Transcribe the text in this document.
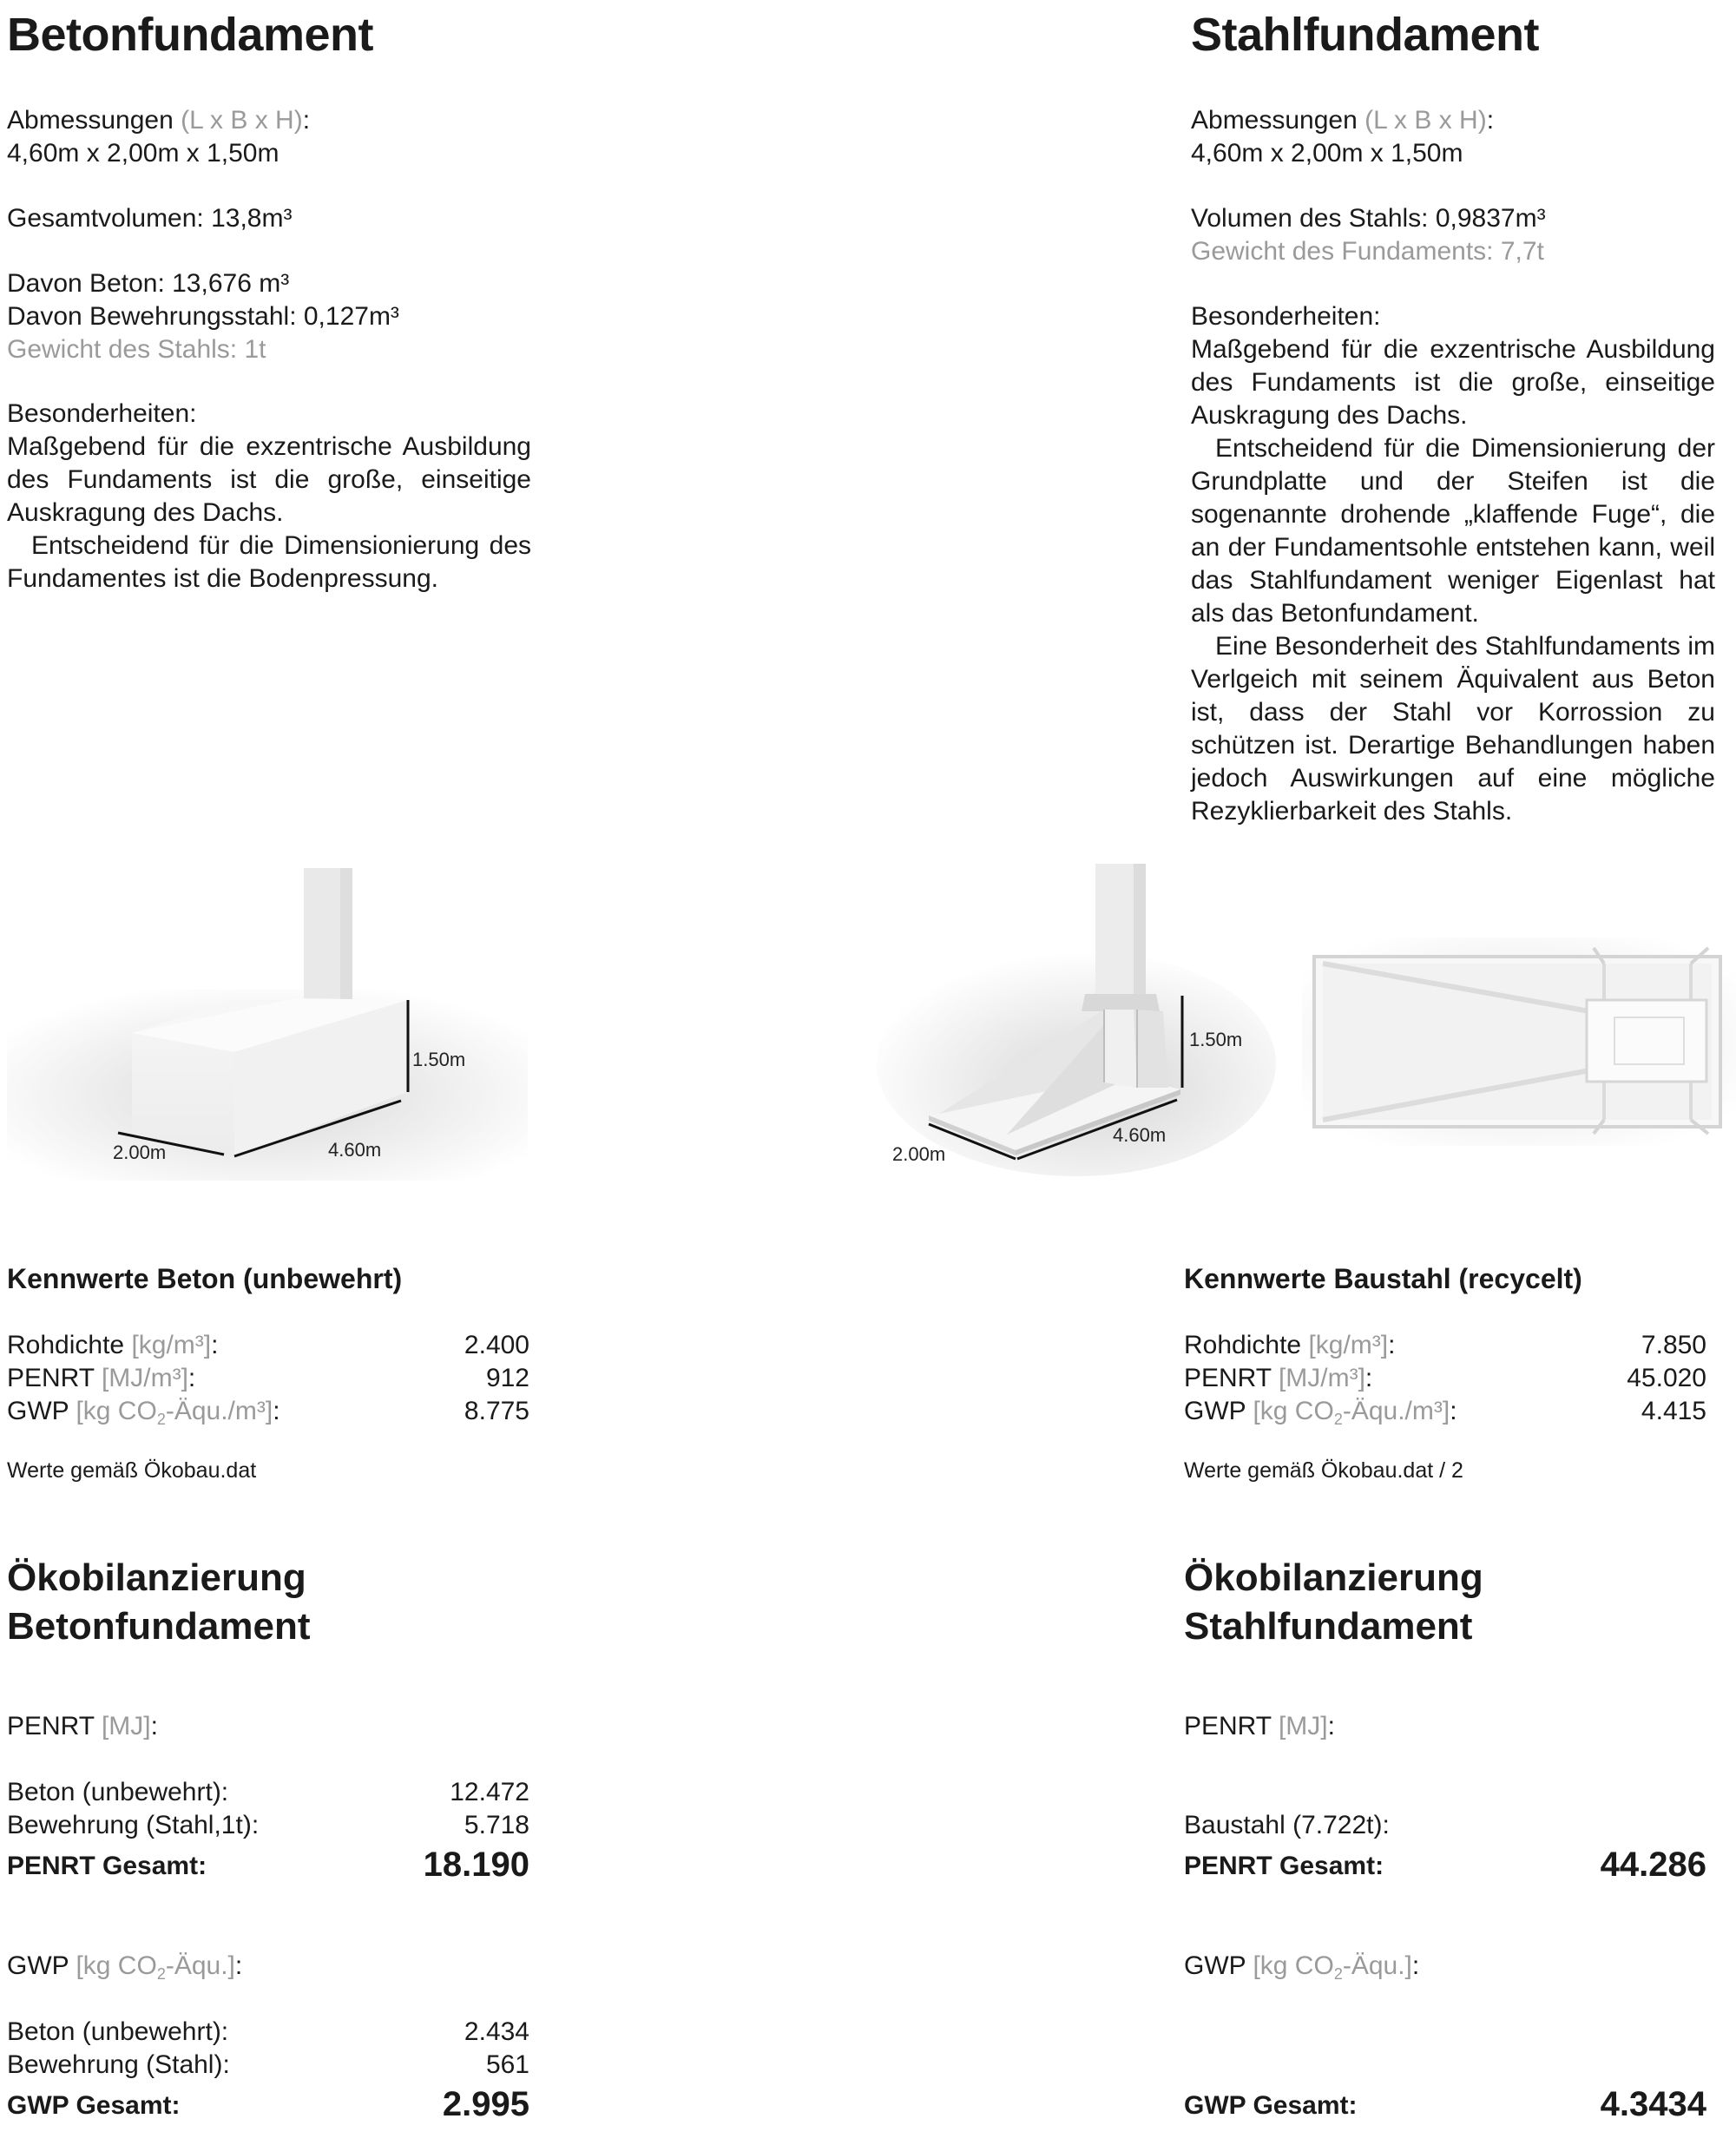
Betonfundament
Abmessungen (L x B x H):
4,60m x 2,00m x 1,50m
Gesamtvolumen: 13,8m³
Davon Beton: 13,676 m³
Davon Bewehrungsstahl: 0,127m³
Gewicht des Stahls: 1t
Besonderheiten:
Maßgebend für die exzentrische Ausbildung des Fundaments ist die große, einseitige Auskragung des Dachs.
Entscheidend für die Dimensionierung des Fundamentes ist die Bodenpressung.
1.50m
2.00m	4.60m
Kennwerte Beton (unbewehrt)
Rohdichte [kg/m³]:	2.400
PENRT [MJ/m³]:	912
GWP [kg $CO_2-Äqu./m^3$]:	8.775
Werte gemäß Ökobau.dat
Ökobilanzierung
Betonfundament
PENRT [MJ]:
Beton (unbewehrt):	12.472
Bewehrung (Stahl,1t):	5.718
PENRT Gesamt:	18.190
GWP [kg $CO_2-Äqu$.]:
Beton (unbewehrt):	2.434
Bewehrung (Stahl):	561
GWP Gesamt:	2.995
Stahlfundament
Abmessungen (L x B x H):
4,60m x 2,00m x 1,50m
Volumen des Stahls: 0,9837m³
Gewicht des Fundaments: 7,7t
Besonderheiten:
Maßgebend für die exzentrische Ausbildung des Fundaments ist die große, einseitige Auskragung des Dachs.
Entscheidend für die Dimensionierung der Grundplatte und der Steifen ist die sogenannte drohende „klaffende Fuge“, die an der Fundamentsohle entstehen kann, weil das Stahlfundament weniger Eigenlast hat als das Betonfundament.
Eine Besonderheit des Stahlfundaments im Verlgeich mit seinem Äquivalent aus Beton ist, dass der Stahl vor Korrossion zu schützen ist. Derartige Behandlungen haben jedoch Auswirkungen auf eine mögliche Rezyklierbarkeit des Stahls.
1.50m
2.00m
4.60m
Kennwerte Baustahl (recycelt)
Rohdichte [kg/m³]:	7.850
PENRT [MJ/m³]:	45.020
GWP [kg $CO_2-Äqu./m^3$]:	4.415
Werte gemäß Ökobau.dat / 2
Ökobilanzierung
Stahlfundament
PENRT [MJ]:
Baustahl (7.722t):
PENRT Gesamt:	44.286
GWP [kg $CO_2-Äqu$.]:
GWP Gesamt:	4.3434
